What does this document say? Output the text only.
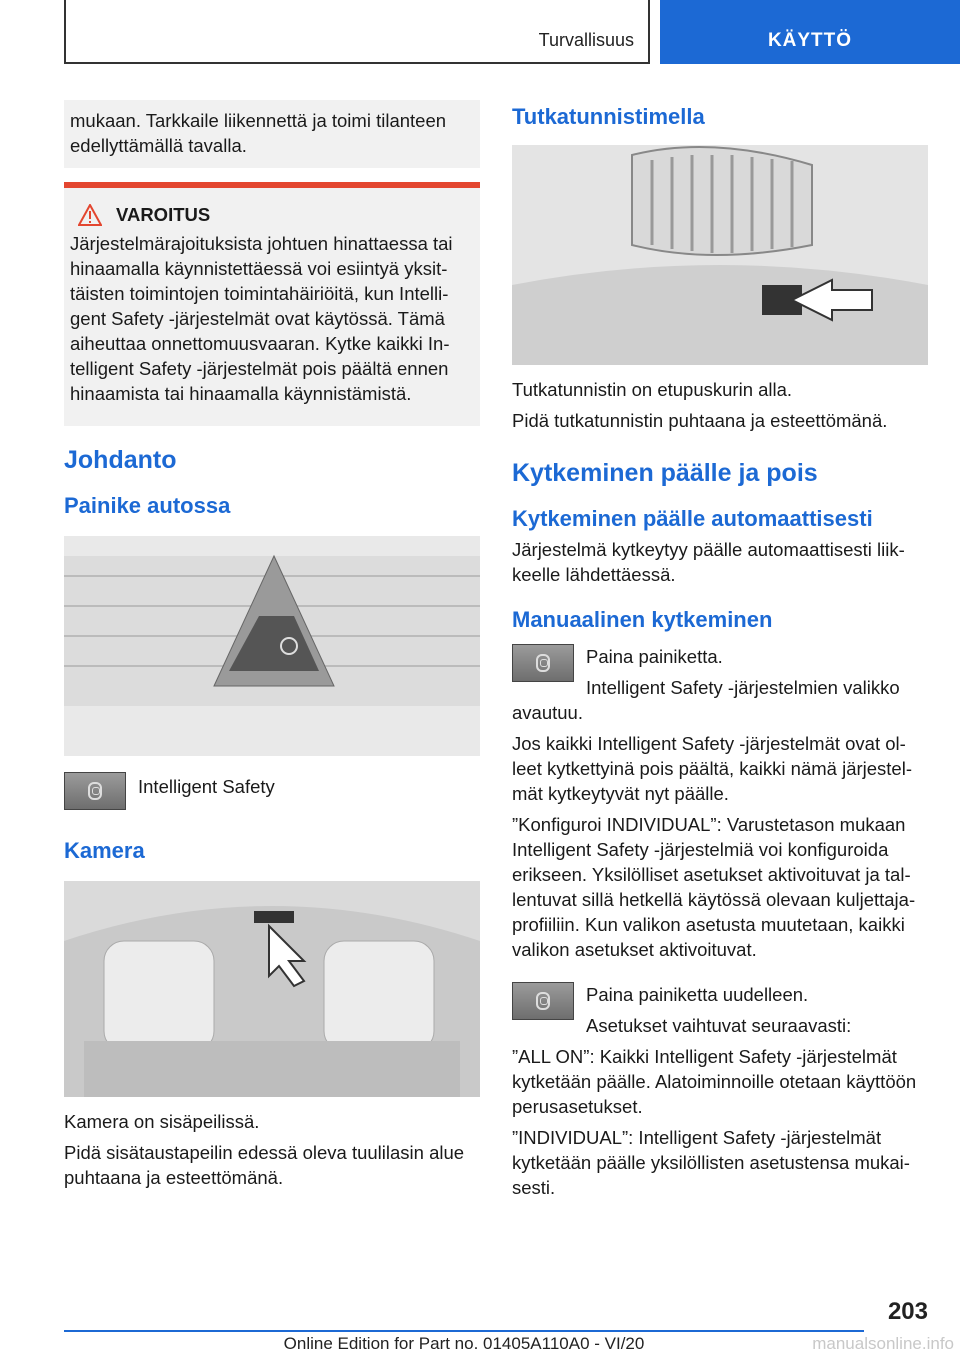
Turvallisuus	KÄYTTÖ

mukaan. Tarkkaile liikennettä ja toimi tilanteen edellyttämällä tavalla.

VAROITUS

Järjestelmärajoituksista johtuen hinattaessa tai hinaamalla käynnistettäessä voi esiintyä yksittäisten toimintojen toimintahäiriöitä, kun Intelligent Safety -järjestelmät ovat käytössä. Tämä aiheuttaa onnettomuusvaaran. Kytke kaikki Intelligent Safety -järjestelmät pois päältä ennen hinaamista tai hinaamalla käynnistämistä.

Johdanto
Painike autossa

Intelligent Safety

Kamera

Kamera on sisäpeilissä.

Pidä sisätaustapeilin edessä oleva tuulilasin alue puhtaana ja esteettömänä.

Tutkatunnistimella

Tutkatunnistin on etupuskurin alla.

Pidä tutkatunnistin puhtaana ja esteettömänä.

Kytkeminen päälle ja pois
Kytkeminen päälle automaattisesti

Järjestelmä kytkeytyy päälle automaattisesti liikkeelle lähdettäessä.

Manuaalinen kytkeminen

Paina painiketta.

Intelligent Safety -järjestelmien valikko avautuu.

Jos kaikki Intelligent Safety -järjestelmät ovat olleet kytkettyinä pois päältä, kaikki nämä järjestelmät kytkeytyvät nyt päälle.

”Konfiguroi INDIVIDUAL”: Varustetason mukaan Intelligent Safety -järjestelmiä voi konfiguroida erikseen. Yksilölliset asetukset aktivoituvat ja tallentuvat sillä hetkellä käytössä olevaan kuljettajaprofiiliin. Kun valikon asetusta muutetaan, kaikki valikon asetukset aktivoituvat.

Paina painiketta uudelleen.

Asetukset vaihtuvat seuraavasti:

”ALL ON”: Kaikki Intelligent Safety -järjestelmät kytketään päälle. Alatoiminnoille otetaan käyttöön perusasetukset.

”INDIVIDUAL”: Intelligent Safety -järjestelmät kytketään päälle yksilöllisten asetustensa mukaisesti.

203
Online Edition for Part no. 01405A110A0 - VI/20	manualsonline.info
